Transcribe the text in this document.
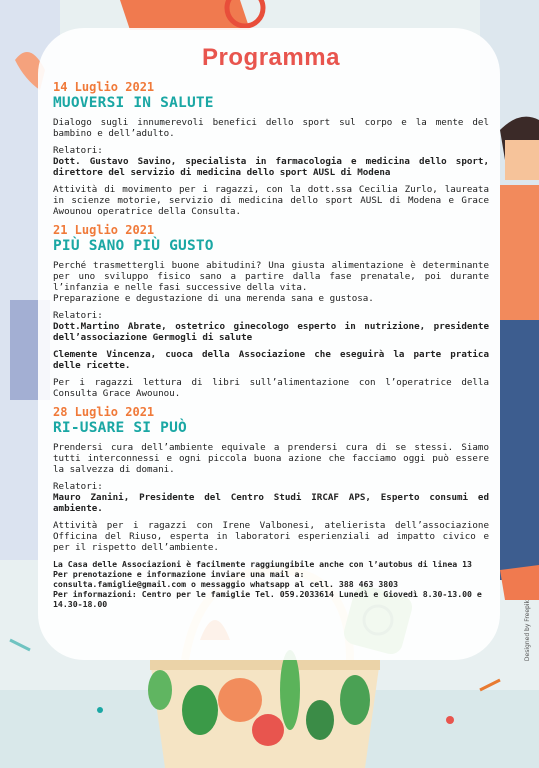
Programma

14 Luglio 2021

MUOVERSI IN SALUTE

Dialogo sugli innumerevoli benefici dello sport sul corpo e la mente del bambino e dell’adulto.

Relatori:

Dott. Gustavo Savino, specialista in farmacologia e medicina dello sport, direttore del servizio di medicina dello sport AUSL di Modena

Attività di movimento per i ragazzi, con la dott.ssa Cecilia Zurlo, laureata in scienze motorie, servizio di medicina dello sport AUSL di Modena e Grace Awounou operatrice della Consulta.

21 Luglio 2021

PIÙ SANO PIÙ GUSTO

Perché trasmettergli buone abitudini? Una giusta alimentazione è determinante per uno sviluppo fisico sano a partire dalla fase prenatale, poi durante l’infanzia e nelle fasi successive della vita.

Preparazione e degustazione di una merenda sana e gustosa.

Relatori:

Dott.Martino Abrate, ostetrico ginecologo esperto in nutrizione, presidente dell’associazione Germogli di salute

Clemente Vincenza, cuoca della Associazione che eseguirà la parte pratica delle ricette.

Per i ragazzi lettura di libri sull’alimentazione con l’operatrice della Consulta Grace Awounou.

28 Luglio 2021

RI-USARE SI PUÒ

Prendersi cura dell’ambiente equivale a prendersi cura di se stessi. Siamo tutti interconnessi e ogni piccola buona azione che facciamo oggi può essere la salvezza di domani.

Relatori:

Mauro Zanini, Presidente del Centro Studi IRCAF APS, Esperto consumi ed ambiente.

Attività per i ragazzi con Irene Valbonesi, atelierista dell’associazione Officina del Riuso, esperta in laboratori esperienziali ad impatto civico e per il rispetto dell’ambiente.

La Casa delle Associazioni è facilmente raggiungibile anche con l’autobus di linea 13
Per prenotazione e informazione inviare una mail a:
consulta.famiglie@gmail.com o messaggio whatsapp al cell. 388 463 3803
Per informazioni: Centro per le famiglie Tel. 059.2033614 Lunedì e Giovedì 8.30-13.00 e 14.30-18.00	Designed by Freepik
